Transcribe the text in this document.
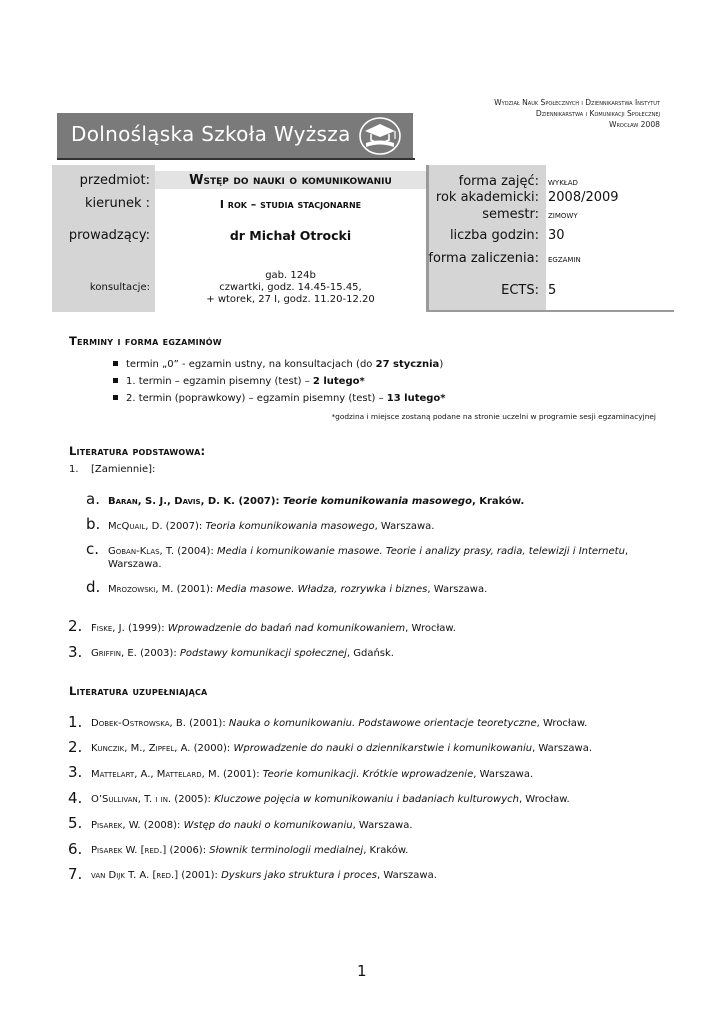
Wydział Nauk Społecznych i Dziennikarstwa Instytut
Dziennikarstwa i Komunikacji Społecznej
Wrocław 2008
Dolnośląska Szkoła Wyższa
przedmiot:	Wstęp do nauki o komunikowaniu
kierunek :	I rok – studia stacjonarne
prowadzący:	dr Michał Otrocki
konsultacje:
gab. 124b
czwartki, godz. 14.45-15.45,
+ wtorek, 27 I, godz. 11.20-12.20
forma zajęć: wykład
rok akademicki: 2008/2009
semestr: zimowy
liczba godzin: 30
forma zaliczenia: egzamin
ECTS: 5
Terminy i forma egzaminów
termin „0” - egzamin ustny, na konsultacjach (do 27 stycznia)
1. termin – egzamin pisemny (test) – 2 lutego*
2. termin (poprawkowy) – egzamin pisemny (test) – 13 lutego*
*godzina i miejsce zostaną podane na stronie uczelni w programie sesji egzaminacyjnej
Literatura podstawowa:
1. [Zamiennie]:
a. Baran, S. J., Davis, D. K. (2007): Teorie komunikowania masowego, Kraków.
b. McQuail, D. (2007): Teoria komunikowania masowego, Warszawa.
c. Goban-Klas, T. (2004): Media i komunikowanie masowe. Teorie i analizy prasy, radia, telewizji i Internetu,
Warszawa.
d. Mrozowski, M. (2001): Media masowe. Władza, rozrywka i biznes, Warszawa.
2. Fiske, J. (1999): Wprowadzenie do badań nad komunikowaniem, Wrocław.
3. Griffin, E. (2003): Podstawy komunikacji społecznej, Gdańsk.
Literatura uzupełniająca
1. Dobek-Ostrowska, B. (2001): Nauka o komunikowaniu. Podstawowe orientacje teoretyczne, Wrocław.
2. Kunczik, M., Zipfel, A. (2000): Wprowadzenie do nauki o dziennikarstwie i komunikowaniu, Warszawa.
3. Mattelart, A., Mattelard, M. (2001): Teorie komunikacji. Krótkie wprowadzenie, Warszawa.
4. O’Sullivan, T. i in. (2005): Kluczowe pojęcia w komunikowaniu i badaniach kulturowych, Wrocław.
5. Pisarek, W. (2008): Wstęp do nauki o komunikowaniu, Warszawa.
6. Pisarek W. [red.] (2006): Słownik terminologii medialnej, Kraków.
7. van Dijk T. A. [red.] (2001): Dyskurs jako struktura i proces, Warszawa.
1
